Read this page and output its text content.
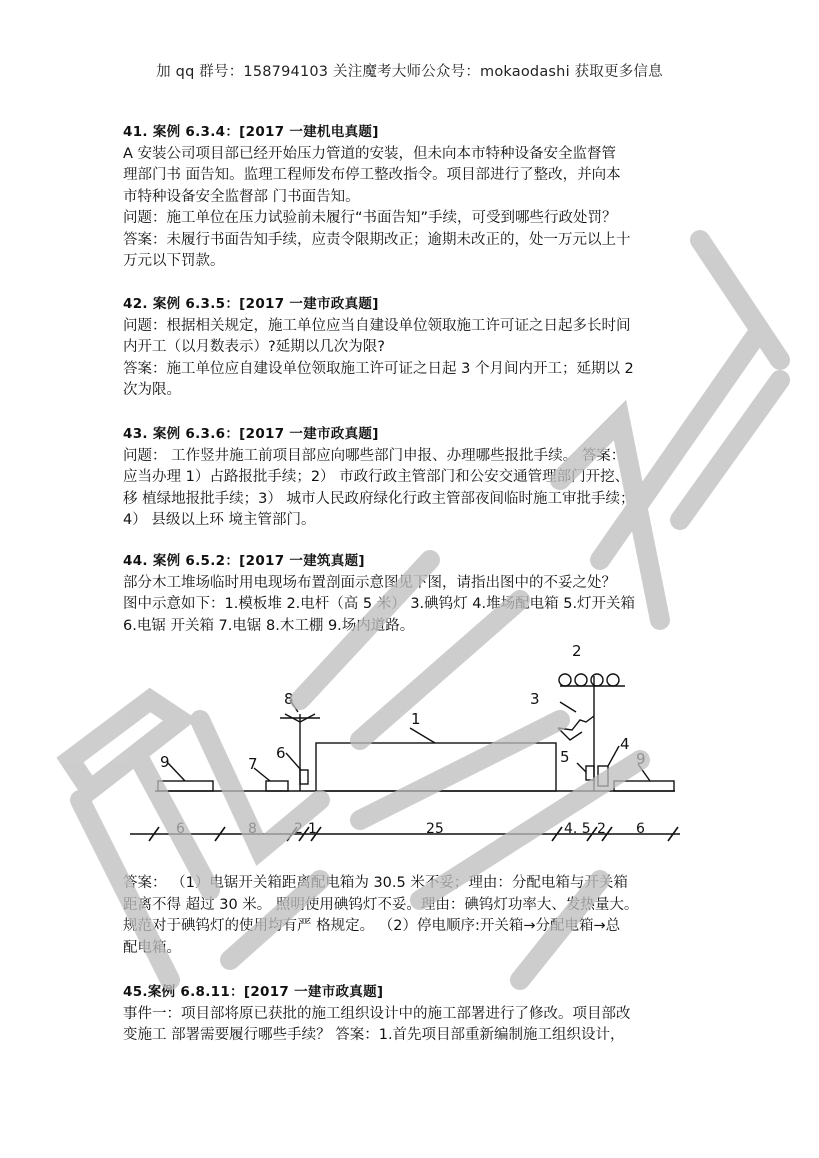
加 qq 群号：158794103 关注魔考大师公众号：mokaodashi 获取更多信息
41. 案例 6.3.4：[2017 一建机电真题]
A 安装公司项目部已经开始压力管道的安装，但未向本市特种设备安全监督管
理部门书 面告知。监理工程师发布停工整改指令。项目部进行了整改，并向本
市特种设备安全监督部 门书面告知。
问题：施工单位在压力试验前未履行“书面告知”手续，可受到哪些行政处罚？
答案：未履行书面告知手续，应责令限期改正；逾期未改正的，处一万元以上十
万元以下罚款。
42. 案例 6.3.5：[2017 一建市政真题]
问题：根据相关规定，施工单位应当自建设单位领取施工许可证之日起多长时间
内开工（以月数表示）?延期以几次为限?
答案：施工单位应自建设单位领取施工许可证之日起 3 个月间内开工；延期以 2
次为限。
43. 案例 6.3.6：[2017 一建市政真题]
问题： 工作竖井施工前项目部应向哪些部门申报、办理哪些报批手续。 答案：
应当办理 1）占路报批手续；2） 市政行政主管部门和公安交通管理部门开挖、
移 植绿地报批手续；3） 城市人民政府绿化行政主管部夜间临时施工审批手续；
4） 县级以上环 境主管部门。
44. 案例 6.5.2：[2017 一建筑真题]
部分木工堆场临时用电现场布置剖面示意图见下图，请指出图中的不妥之处？
图中示意如下：1.模板堆 2.电杆（高 5 米） 3.碘钨灯 4.堆场配电箱 5.灯开关箱
6.电锯 开关箱 7.电锯 8.木工棚 9.场内道路。
1
2
3
4
5
6
7
8
9	9
6	8	2 1	25	4. 5 2 6
答案： （1）电锯开关箱距离配电箱为 30.5 米不妥；理由：分配电箱与开关箱
距离不得 超过 30 米。 照明使用碘钨灯不妥。理由：碘钨灯功率大、发热量大。
规范对于碘钨灯的使用均有严 格规定。 （2）停电顺序:开关箱→分配电箱→总
配电箱。
45.案例 6.8.11：[2017 一建市政真题]
事件一：项目部将原已获批的施工组织设计中的施工部署进行了修改。项目部改
变施工 部署需要履行哪些手续？ 答案：1.首先项目部重新编制施工组织设计，
